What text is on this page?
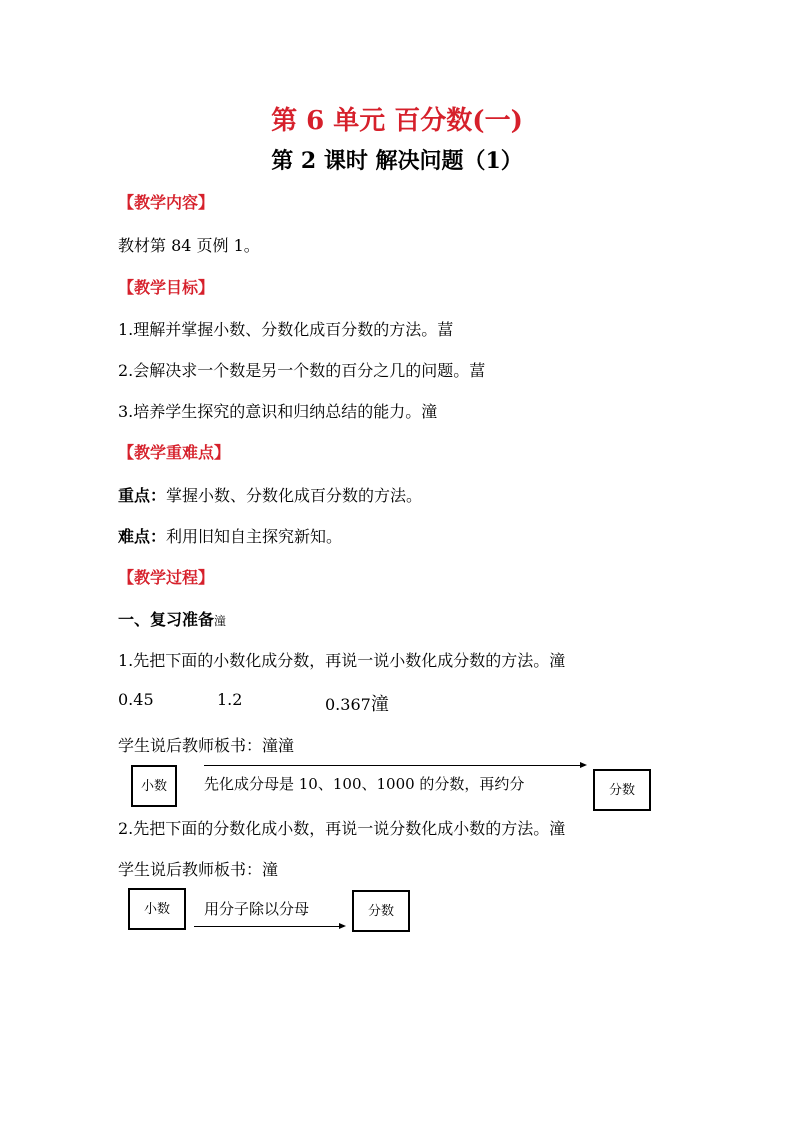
第 6 单元 百分数(一)
第 2 课时 解决问题（1）
【教学内容】
教材第 84 页例 1。
【教学目标】
1.理解并掌握小数、分数化成百分数的方法。葍
2.会解决求一个数是另一个数的百分之几的问题。葍
3.培养学生探究的意识和归纳总结的能力。潼
【教学重难点】
重点：掌握小数、分数化成百分数的方法。
难点：利用旧知自主探究新知。
【教学过程】
一、复习准备潼
1.先把下面的小数化成分数，再说一说小数化成分数的方法。潼
0.45	1.2	0.367潼
学生说后教师板书：潼潼
小数 先化成分母是 10、100、1000 的分数，再约分	分数
2.先把下面的分数化成小数，再说一说分数化成小数的方法。潼
学生说后教师板书：潼
小数 用分子除以分母	分数
